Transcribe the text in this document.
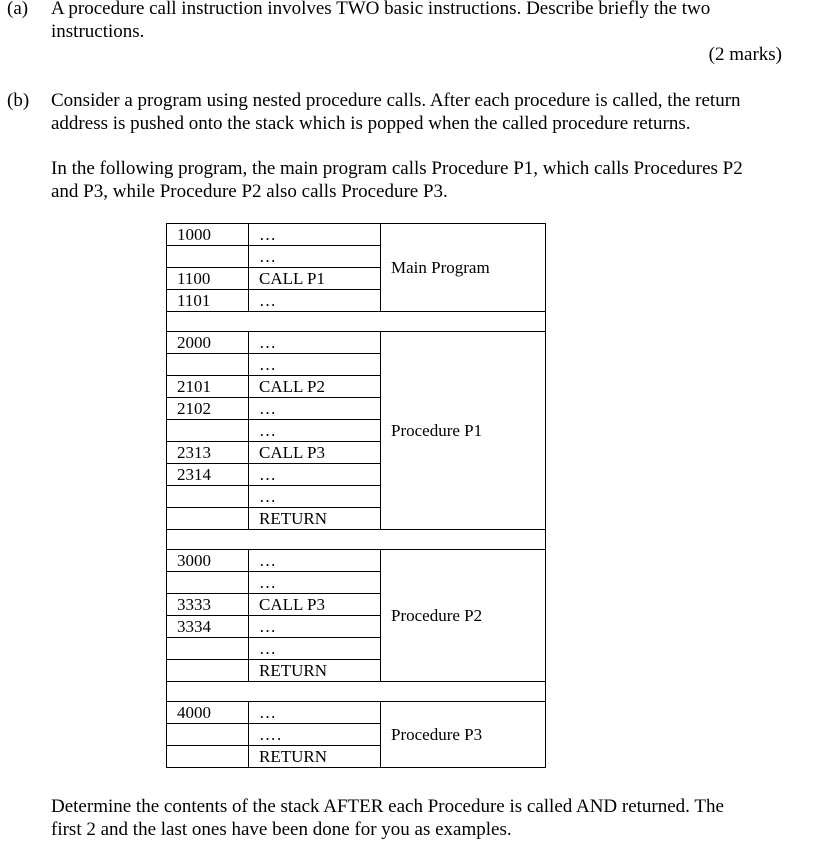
(a) A procedure call instruction involves TWO basic instructions. Describe briefly the two
instructions.
(2 marks)
(b) Consider a program using nested procedure calls. After each procedure is called, the return
address is pushed onto the stack which is popped when the called procedure returns.
In the following program, the main program calls Procedure P1, which calls Procedures P2
and P3, while Procedure P2 also calls Procedure P3.
1000	…	Main Program
	…	
1100	CALL P1	
1101	…	

2000	…	Procedure P1
	…	
2101	CALL P2	
2102	…	
	…	
2313	CALL P3	
2314	…	
	…	
	RETURN	

3000	…	Procedure P2
	…	
3333	CALL P3	
3334	…	
	…	
	RETURN	

4000	…	Procedure P3
	….	
	RETURN	
Determine the contents of the stack AFTER each Procedure is called AND returned. The
first 2 and the last ones have been done for you as examples.
